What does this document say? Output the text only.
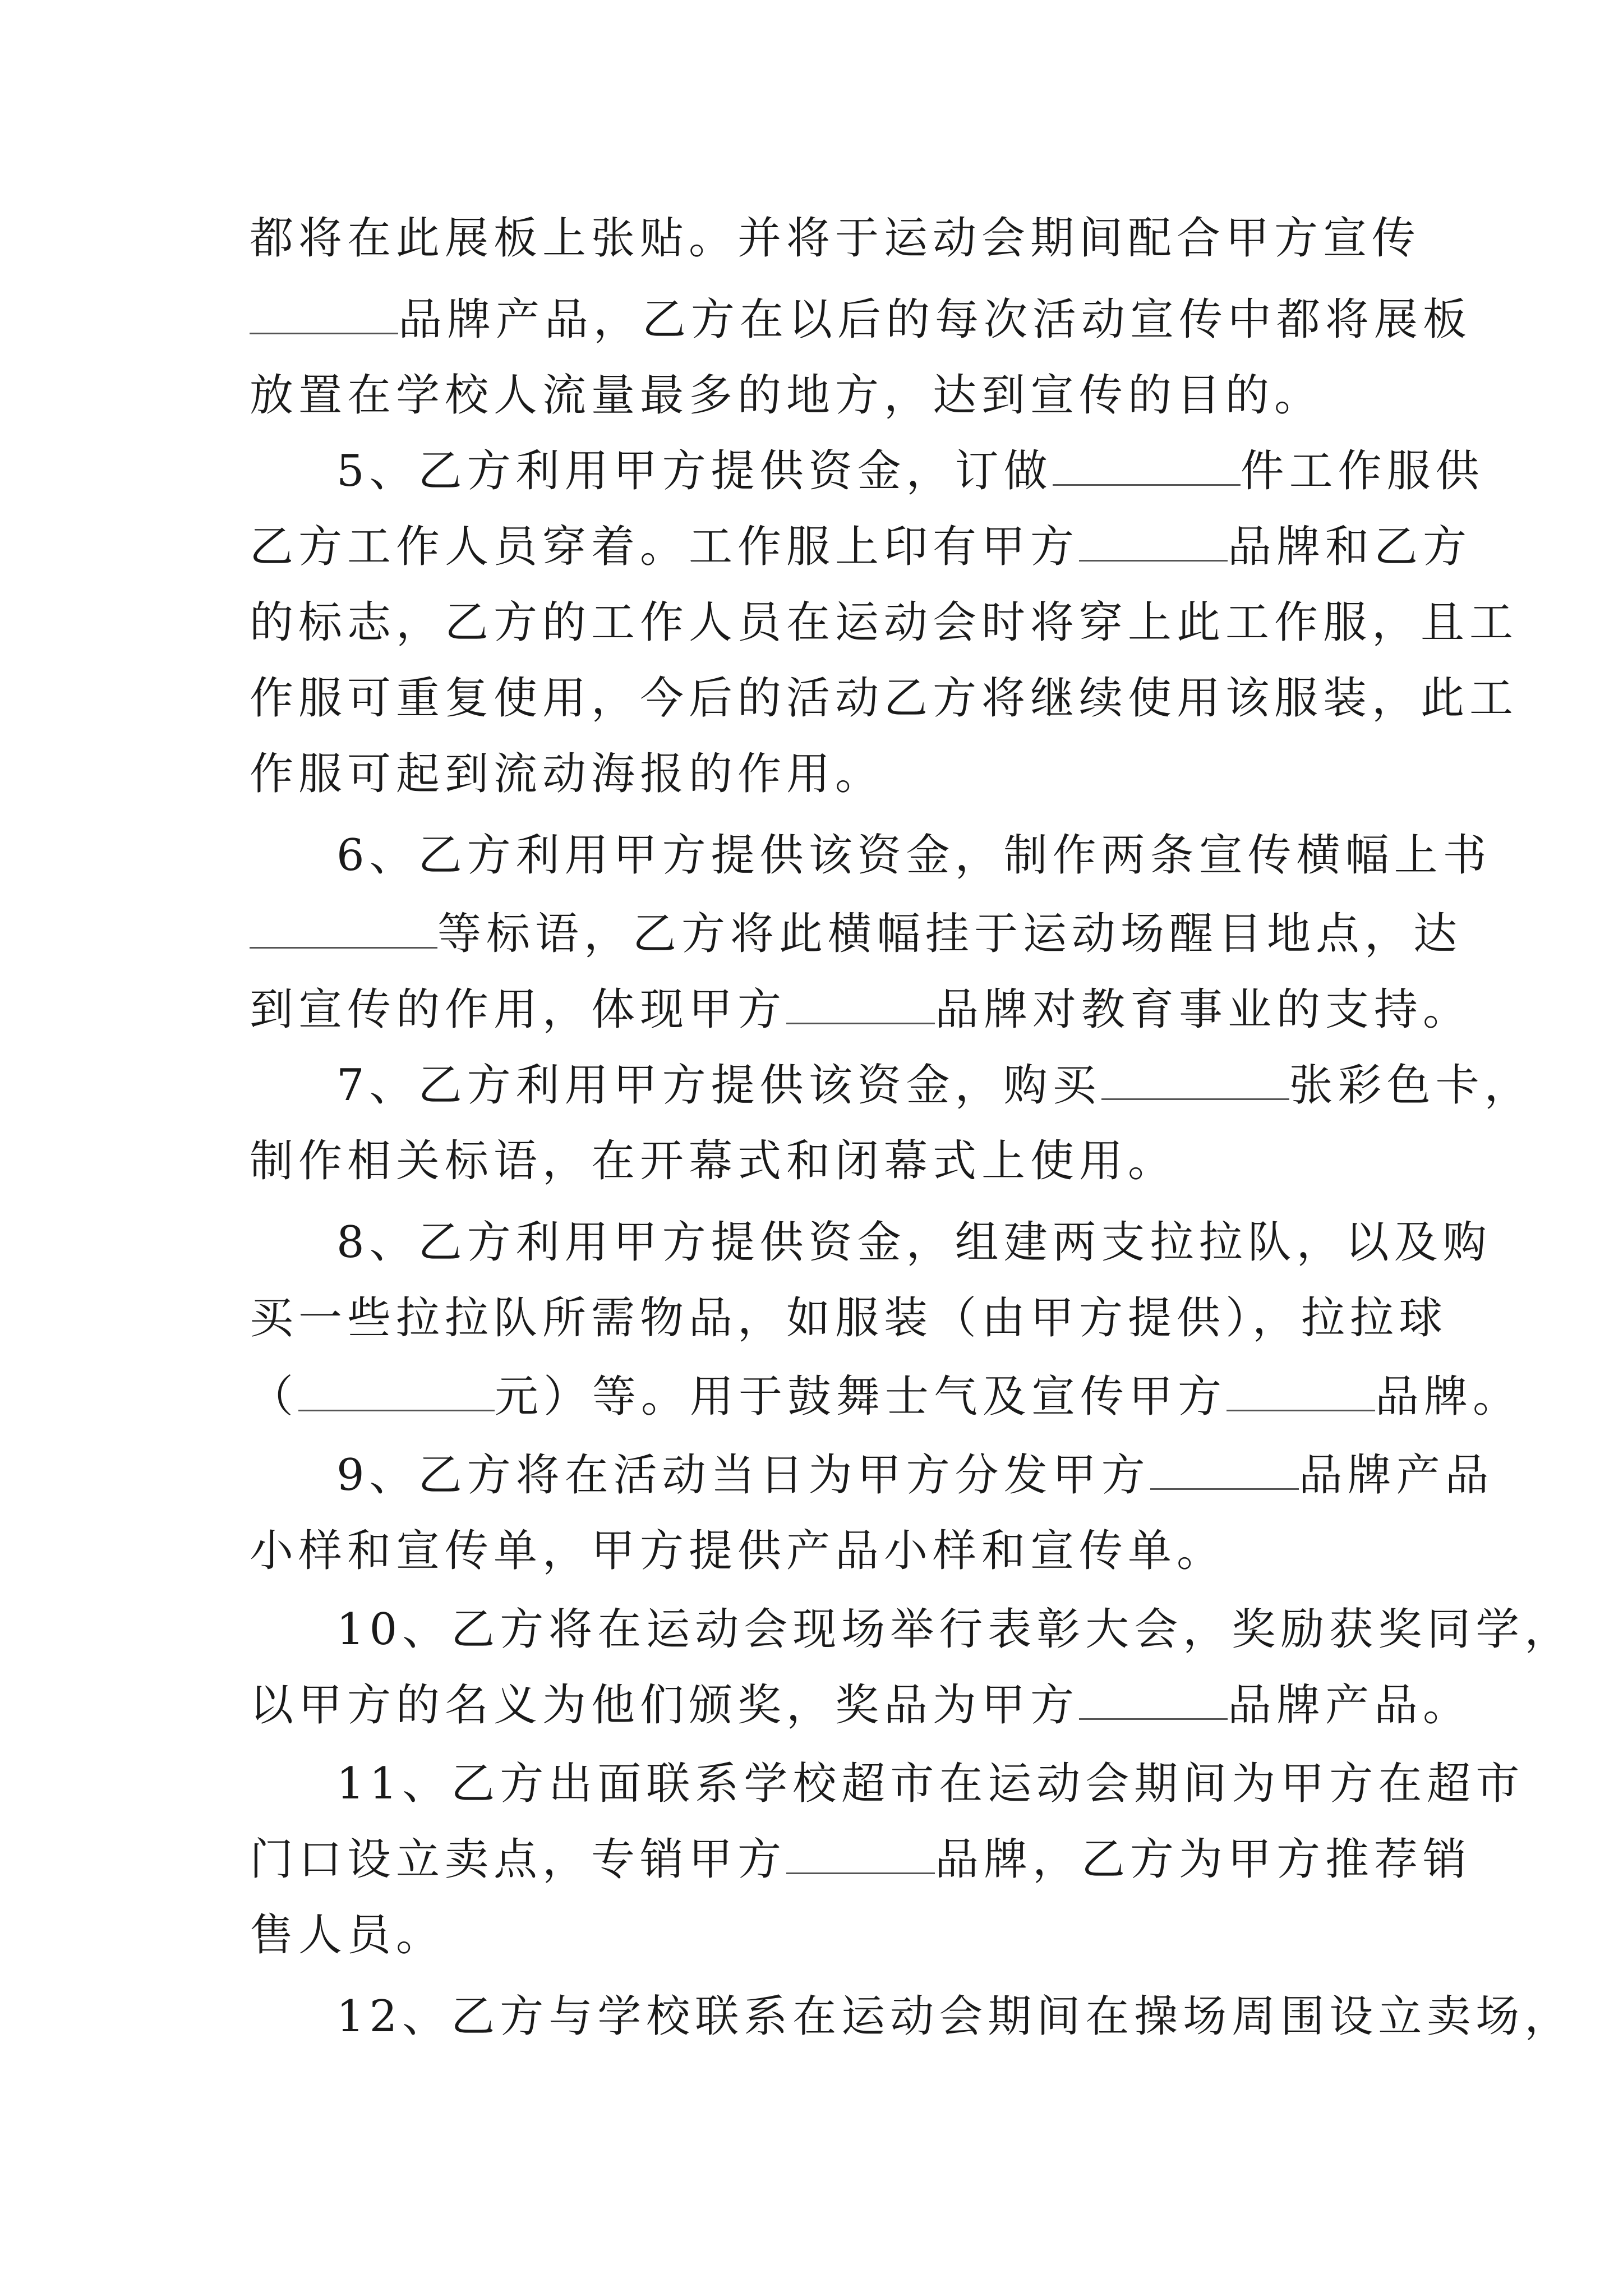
都将在此展板上张贴。并将于运动会期间配合甲方宣传
品牌产品，乙方在以后的每次活动宣传中都将展板
放置在学校人流量最多的地方，达到宣传的目的。
5、乙方利用甲方提供资金，订做	件工作服供
乙方工作人员穿着。工作服上印有甲方	品牌和乙方
的标志，乙方的工作人员在运动会时将穿上此工作服，且工
作服可重复使用，今后的活动乙方将继续使用该服装，此工
作服可起到流动海报的作用。
6、乙方利用甲方提供该资金，制作两条宣传横幅上书
等标语，乙方将此横幅挂于运动场醒目地点，达
到宣传的作用，体现甲方	品牌对教育事业的支持。
7、乙方利用甲方提供该资金，购买	张彩色卡，
制作相关标语，在开幕式和闭幕式上使用。
8、乙方利用甲方提供资金，组建两支拉拉队，以及购
买一些拉拉队所需物品，如服装（由甲方提供），拉拉球
（	元）等。用于鼓舞士气及宣传甲方	品牌。
9、乙方将在活动当日为甲方分发甲方	品牌产品
小样和宣传单，甲方提供产品小样和宣传单。
10、乙方将在运动会现场举行表彰大会，奖励获奖同学，
以甲方的名义为他们颁奖，奖品为甲方	品牌产品。
11、乙方出面联系学校超市在运动会期间为甲方在超市
门口设立卖点，专销甲方	品牌，乙方为甲方推荐销
售人员。
12、乙方与学校联系在运动会期间在操场周围设立卖场，
